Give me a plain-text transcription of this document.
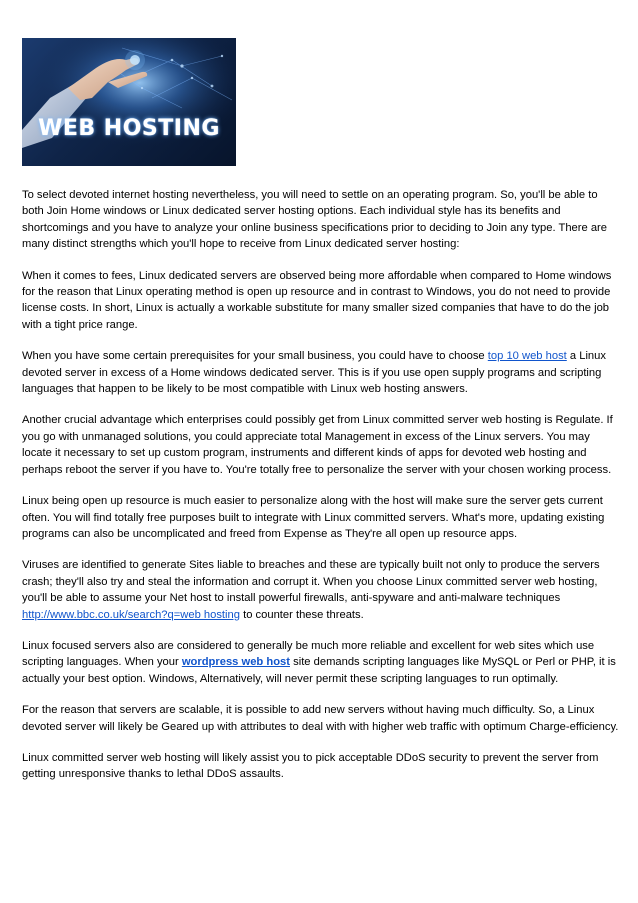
WEB HOSTING

To select devoted internet hosting nevertheless, you will need to settle on an operating program. So, you'll be able to both Join Home windows or Linux dedicated server hosting options. Each individual style has its benefits and shortcomings and you have to analyze your online business specifications prior to deciding to Join any type. There are many distinct strengths which you'll hope to receive from Linux dedicated server hosting:

When it comes to fees, Linux dedicated servers are observed being more affordable when compared to Home windows for the reason that Linux operating method is open up resource and in contrast to Windows, you do not need to provide license costs. In short, Linux is actually a workable substitute for many smaller sized companies that have to do the job with a tight price range.

When you have some certain prerequisites for your small business, you could have to choose top 10 web host a Linux devoted server in excess of a Home windows dedicated server. This is if you use open supply programs and scripting languages that happen to be likely to be most compatible with Linux web hosting answers.

Another crucial advantage which enterprises could possibly get from Linux committed server web hosting is Regulate. If you go with unmanaged solutions, you could appreciate total Management in excess of the Linux servers. You may locate it necessary to set up custom program, instruments and different kinds of apps for devoted web hosting and perhaps reboot the server if you have to. You're totally free to personalize the server with your chosen working process.

Linux being open up resource is much easier to personalize along with the host will make sure the server gets current often. You will find totally free purposes built to integrate with Linux committed servers. What's more, updating existing programs can also be uncomplicated and freed from Expense as They're all open up resource apps.

Viruses are identified to generate Sites liable to breaches and these are typically built not only to produce the servers crash; they'll also try and steal the information and corrupt it. When you choose Linux committed server web hosting, you'll be able to assume your Net host to install powerful firewalls, anti-spyware and anti-malware techniques http://www.bbc.co.uk/search?q=web hosting to counter these threats.

Linux focused servers also are considered to generally be much more reliable and excellent for web sites which use scripting languages. When your wordpress web host site demands scripting languages like MySQL or Perl or PHP, it is actually your best option. Windows, Alternatively, will never permit these scripting languages to run optimally.

For the reason that servers are scalable, it is possible to add new servers without having much difficulty. So, a Linux devoted server will likely be Geared up with attributes to deal with with higher web traffic with optimum Charge-efficiency.

Linux committed server web hosting will likely assist you to pick acceptable DDoS security to prevent the server from getting unresponsive thanks to lethal DDoS assaults.
